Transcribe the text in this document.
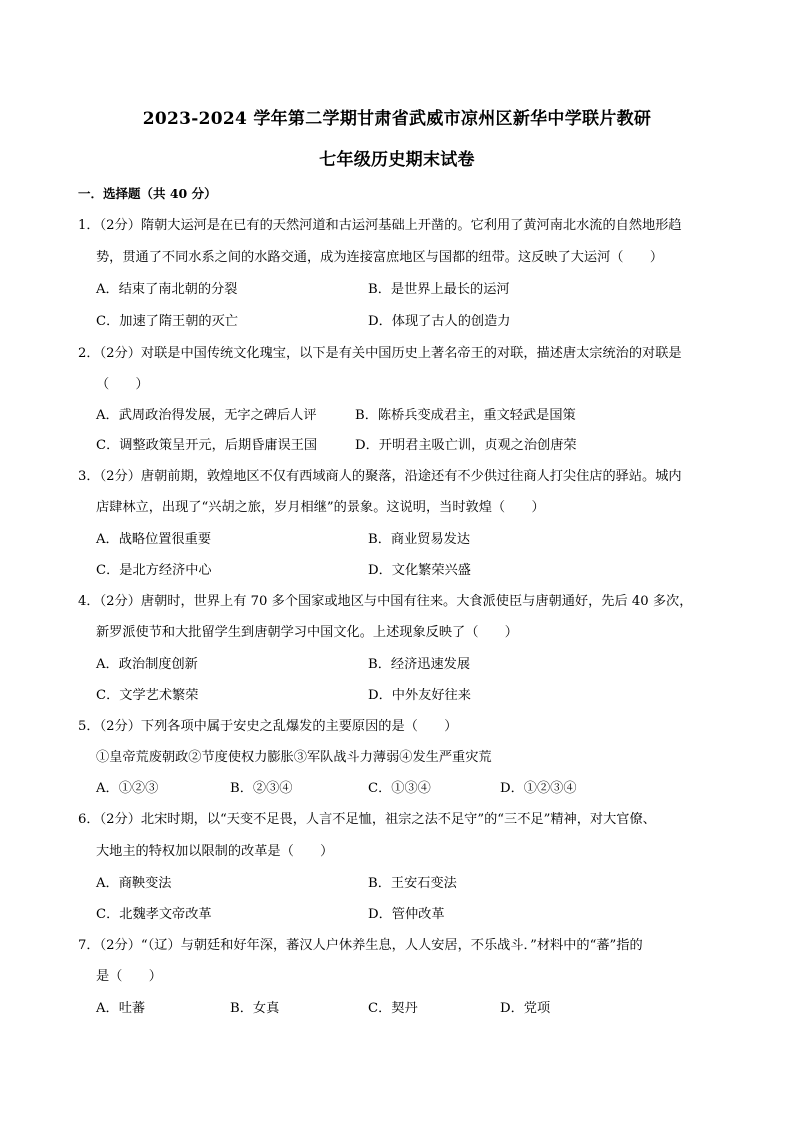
2023-2024 学年第二学期甘肃省武威市凉州区新华中学联片教研
七年级历史期末试卷
一．选择题（共 40 分）
1．（2分）隋朝大运河是在已有的天然河道和古运河基础上开凿的。它利用了黄河南北水流的自然地形趋
势，贯通了不同水系之间的水路交通，成为连接富庶地区与国都的纽带。这反映了大运河（　　）
A．结束了南北朝的分裂	B．是世界上最长的运河
C．加速了隋王朝的灭亡	D．体现了古人的创造力
2．（2分）对联是中国传统文化瑰宝，以下是有关中国历史上著名帝王的对联，描述唐太宗统治的对联是
（　　）
A．武周政治得发展，无字之碑后人评	B．陈桥兵变成君主，重文轻武是国策
C．调整政策呈开元，后期昏庸误王国	D．开明君主吸亡训，贞观之治创唐荣
3．（2分）唐朝前期，敦煌地区不仅有西域商人的聚落，沿途还有不少供过往商人打尖住店的驿站。城内
店肆林立，出现了“兴胡之旅，岁月相继”的景象。这说明，当时敦煌（　　）
A．战略位置很重要	B．商业贸易发达
C．是北方经济中心	D．文化繁荣兴盛
4．（2分）唐朝时，世界上有 70 多个国家或地区与中国有往来。大食派使臣与唐朝通好，先后 40 多次，
新罗派使节和大批留学生到唐朝学习中国文化。上述现象反映了（　　）
A．政治制度创新	B．经济迅速发展
C．文学艺术繁荣	D．中外友好往来
5．（2分）下列各项中属于安史之乱爆发的主要原因的是（　　）
①皇帝荒废朝政②节度使权力膨胀③军队战斗力薄弱④发生严重灾荒
A．①②③	B．②③④	C．①③④	D．①②③④
6．（2分）北宋时期，以“天变不足畏，人言不足恤，祖宗之法不足守”的“三不足”精神，对大官僚、
大地主的特权加以限制的改革是（　　）
A．商鞅变法	B．王安石变法
C．北魏孝文帝改革	D．管仲改革
7．（2分）“（辽）与朝廷和好年深，蕃汉人户休养生息，人人安居，不乐战斗．”材料中的“蕃”指的
是（　　）
A．吐蕃	B．女真	C．契丹	D．党项
